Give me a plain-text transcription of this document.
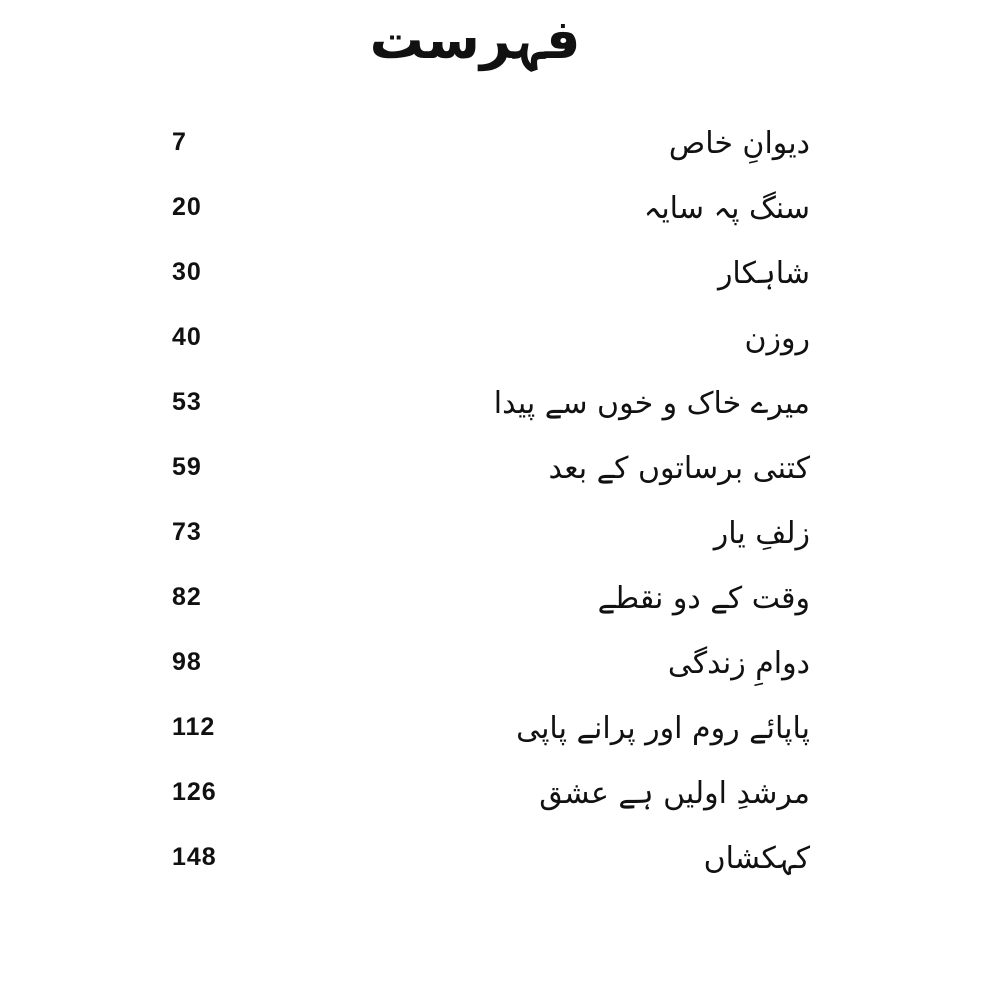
فہرست
دیوانِ خاص
7
سنگ پہ سایہ
20
شاہکار
30
روزن
40
میرے خاک و خوں سے پیدا
53
کتنی برساتوں کے بعد
59
زلفِ یار
73
وقت کے دو نقطے
82
دوامِ زندگی
98
پاپائے روم اور پرانے پاپی
112
مرشدِ اولیں ہے عشق
126
کہکشاں
148
